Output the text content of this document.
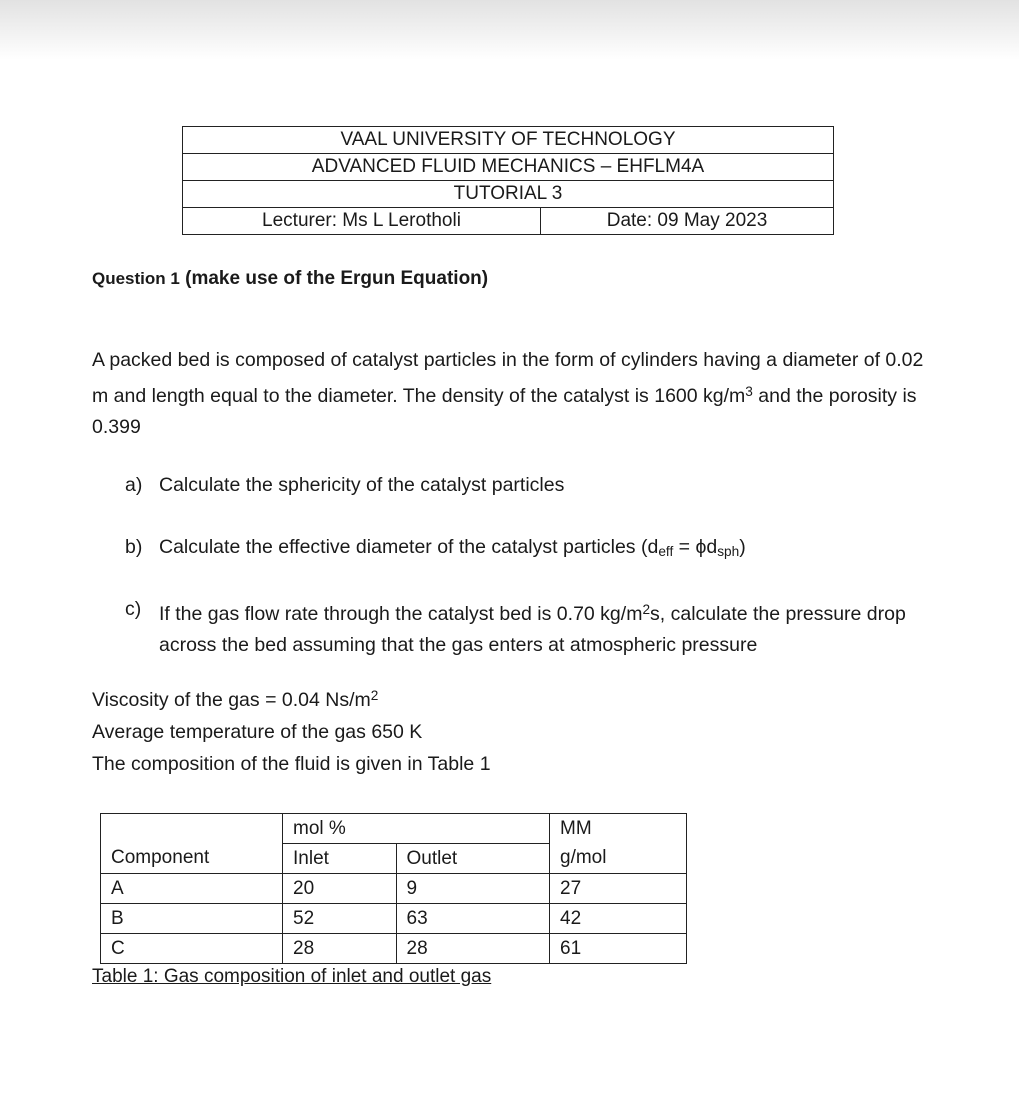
VAAL UNIVERSITY OF TECHNOLOGY
ADVANCED FLUID MECHANICS – EHFLM4A
TUTORIAL 3
Lecturer: Ms L Lerotholi	Date: 09 May 2023
Question 1 (make use of the Ergun Equation)
A packed bed is composed of catalyst particles in the form of cylinders having a diameter of 0.02 m and length equal to the diameter. The density of the catalyst is 1600 $kg/m^3$ and the porosity is 0.399
a) Calculate the sphericity of the catalyst particles
b) Calculate the effective diameter of the catalyst particles $(d_{eff} = \phi d_{sph})$
c) If the gas flow rate through the catalyst bed is 0.70 $kg/m^2s$, calculate the pressure drop across the bed assuming that the gas enters at atmospheric pressure
Viscosity of the gas = 0.04 $Ns/m^2$
Average temperature of the gas 650 K
The composition of the fluid is given in Table 1
	mol %		MM
Component	Inlet	Outlet	g/mol
A	20	9	27
B	52	63	42
C	28	28	61
Table 1: Gas composition of inlet and outlet gas
